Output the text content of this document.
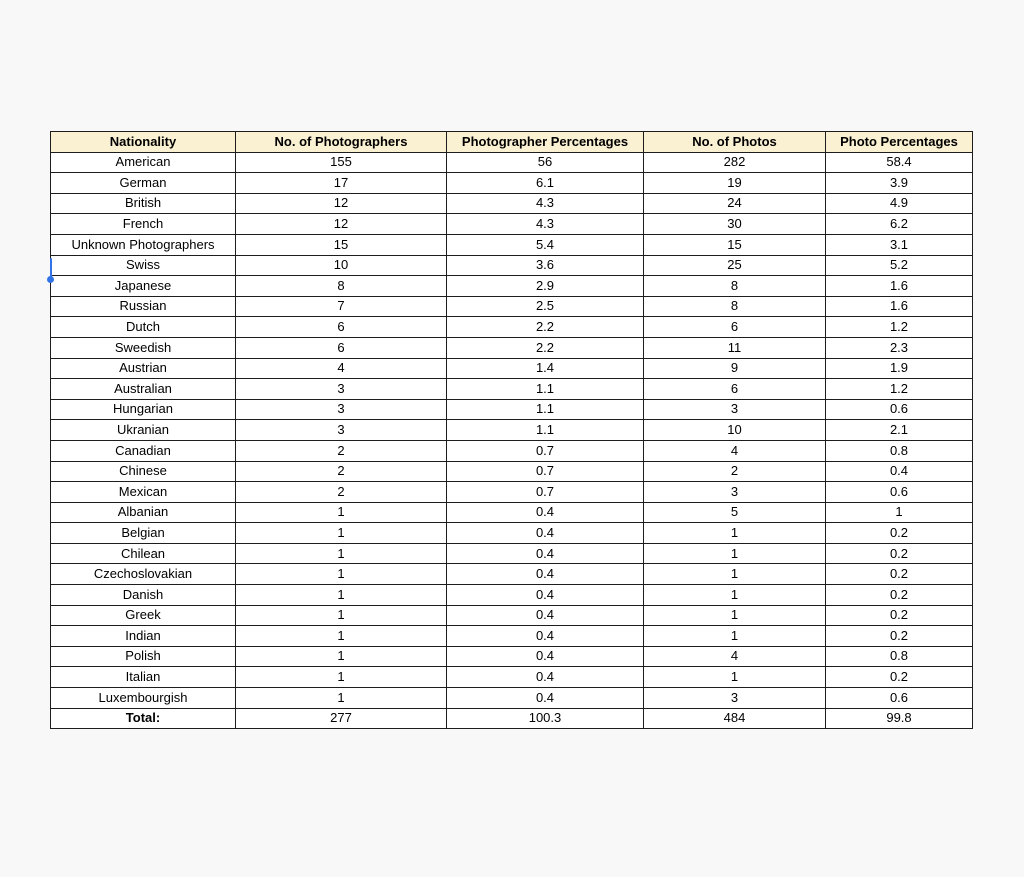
Nationality	No. of Photographers	Photographer Percentages	No. of Photos	Photo Percentages
American	155	56	282	58.4
German	17	6.1	19	3.9
British	12	4.3	24	4.9
French	12	4.3	30	6.2
Unknown Photographers	15	5.4	15	3.1
Swiss	10	3.6	25	5.2
Japanese	8	2.9	8	1.6
Russian	7	2.5	8	1.6
Dutch	6	2.2	6	1.2
Sweedish	6	2.2	11	2.3
Austrian	4	1.4	9	1.9
Australian	3	1.1	6	1.2
Hungarian	3	1.1	3	0.6
Ukranian	3	1.1	10	2.1
Canadian	2	0.7	4	0.8
Chinese	2	0.7	2	0.4
Mexican	2	0.7	3	0.6
Albanian	1	0.4	5	1
Belgian	1	0.4	1	0.2
Chilean	1	0.4	1	0.2
Czechoslovakian	1	0.4	1	0.2
Danish	1	0.4	1	0.2
Greek	1	0.4	1	0.2
Indian	1	0.4	1	0.2
Polish	1	0.4	4	0.8
Italian	1	0.4	1	0.2
Luxembourgish	1	0.4	3	0.6
Total:	277	100.3	484	99.8
